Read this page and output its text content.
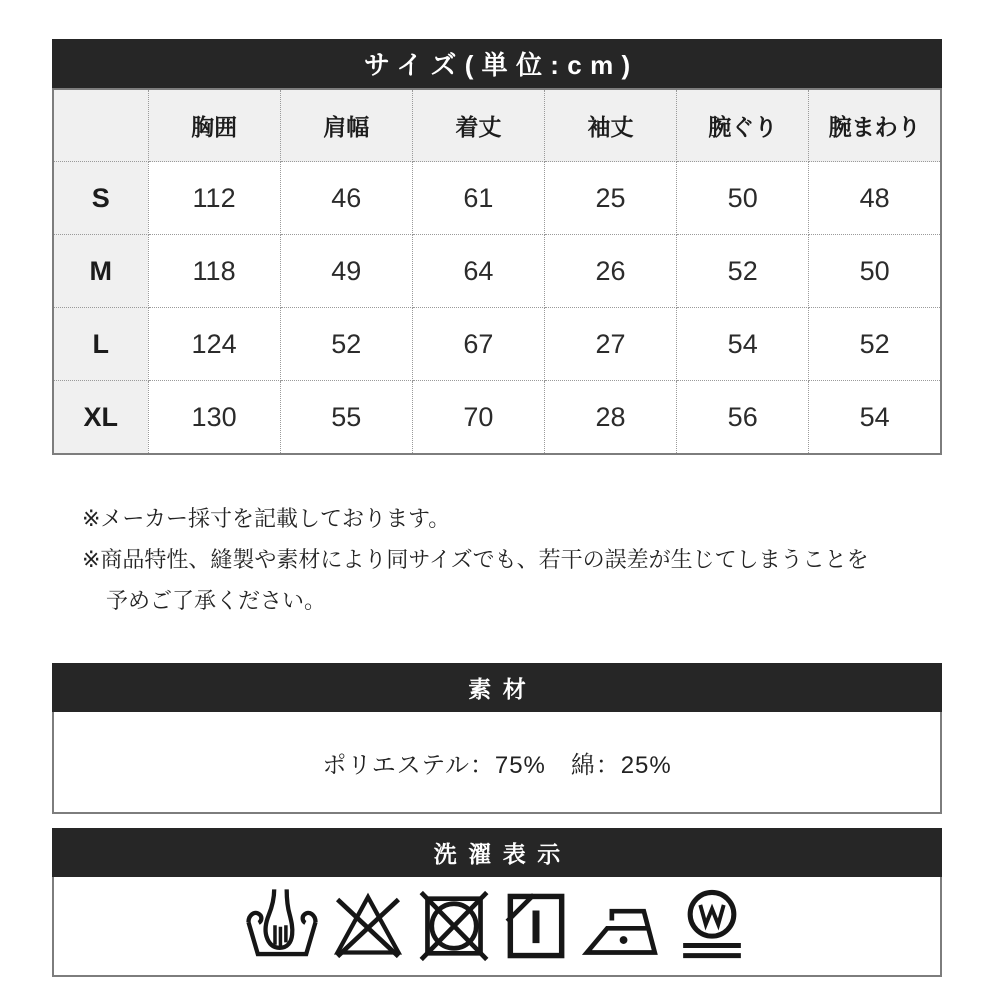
サイズ(単位:cm)
	胸囲	肩幅	着丈	袖丈	腕ぐり	腕まわり
S	112	46	61	25	50	48
M	118	49	64	26	52	50
L	124	52	67	27	54	52
XL	130	55	70	28	56	54
※メーカー採寸を記載しております。
※商品特性、縫製や素材により同サイズでも、若干の誤差が生じてしまうことを
予めご了承ください。
素材
ポリエステル：75%　綿：25%
洗濯表示
